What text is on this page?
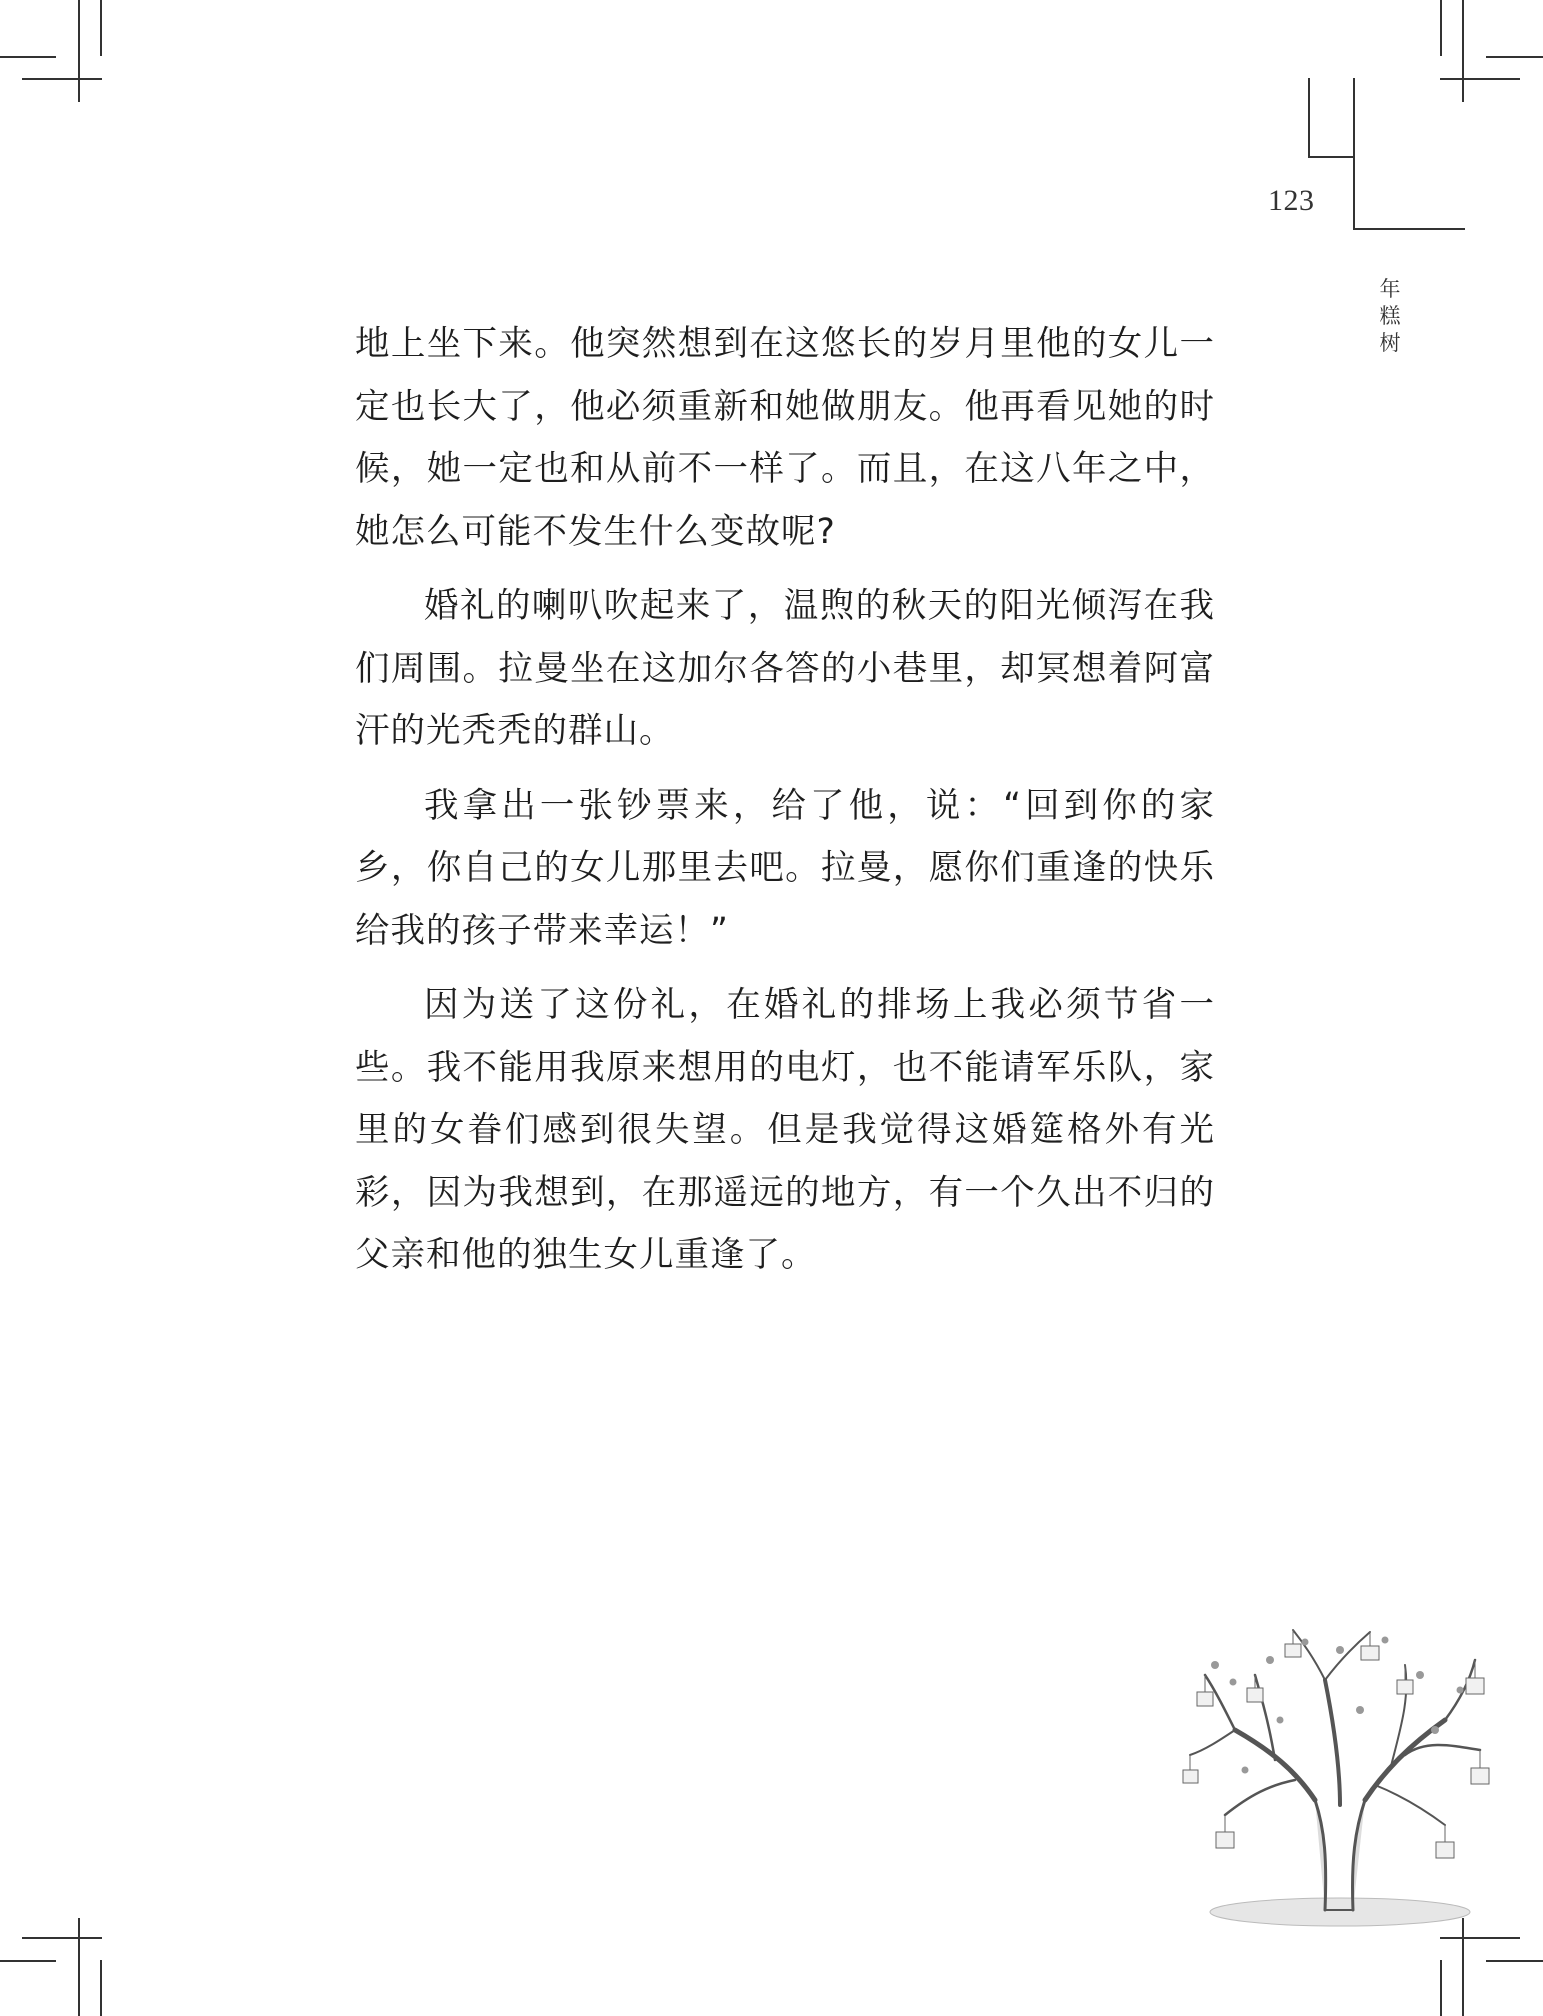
123
年糕树

地上坐下来。他突然想到在这悠长的岁月里他的女儿一定也长大了，他必须重新和她做朋友。他再看见她的时候，她一定也和从前不一样了。而且，在这八年之中，她怎么可能不发生什么变故呢?

婚礼的喇叭吹起来了，温煦的秋天的阳光倾泻在我们周围。拉曼坐在这加尔各答的小巷里，却冥想着阿富汗的光秃秃的群山。

我拿出一张钞票来，给了他，说：“回到你的家乡，你自己的女儿那里去吧。拉曼，愿你们重逢的快乐给我的孩子带来幸运！”

因为送了这份礼，在婚礼的排场上我必须节省一些。我不能用我原来想用的电灯，也不能请军乐队，家里的女眷们感到很失望。但是我觉得这婚筵格外有光彩，因为我想到，在那遥远的地方，有一个久出不归的父亲和他的独生女儿重逢了。
